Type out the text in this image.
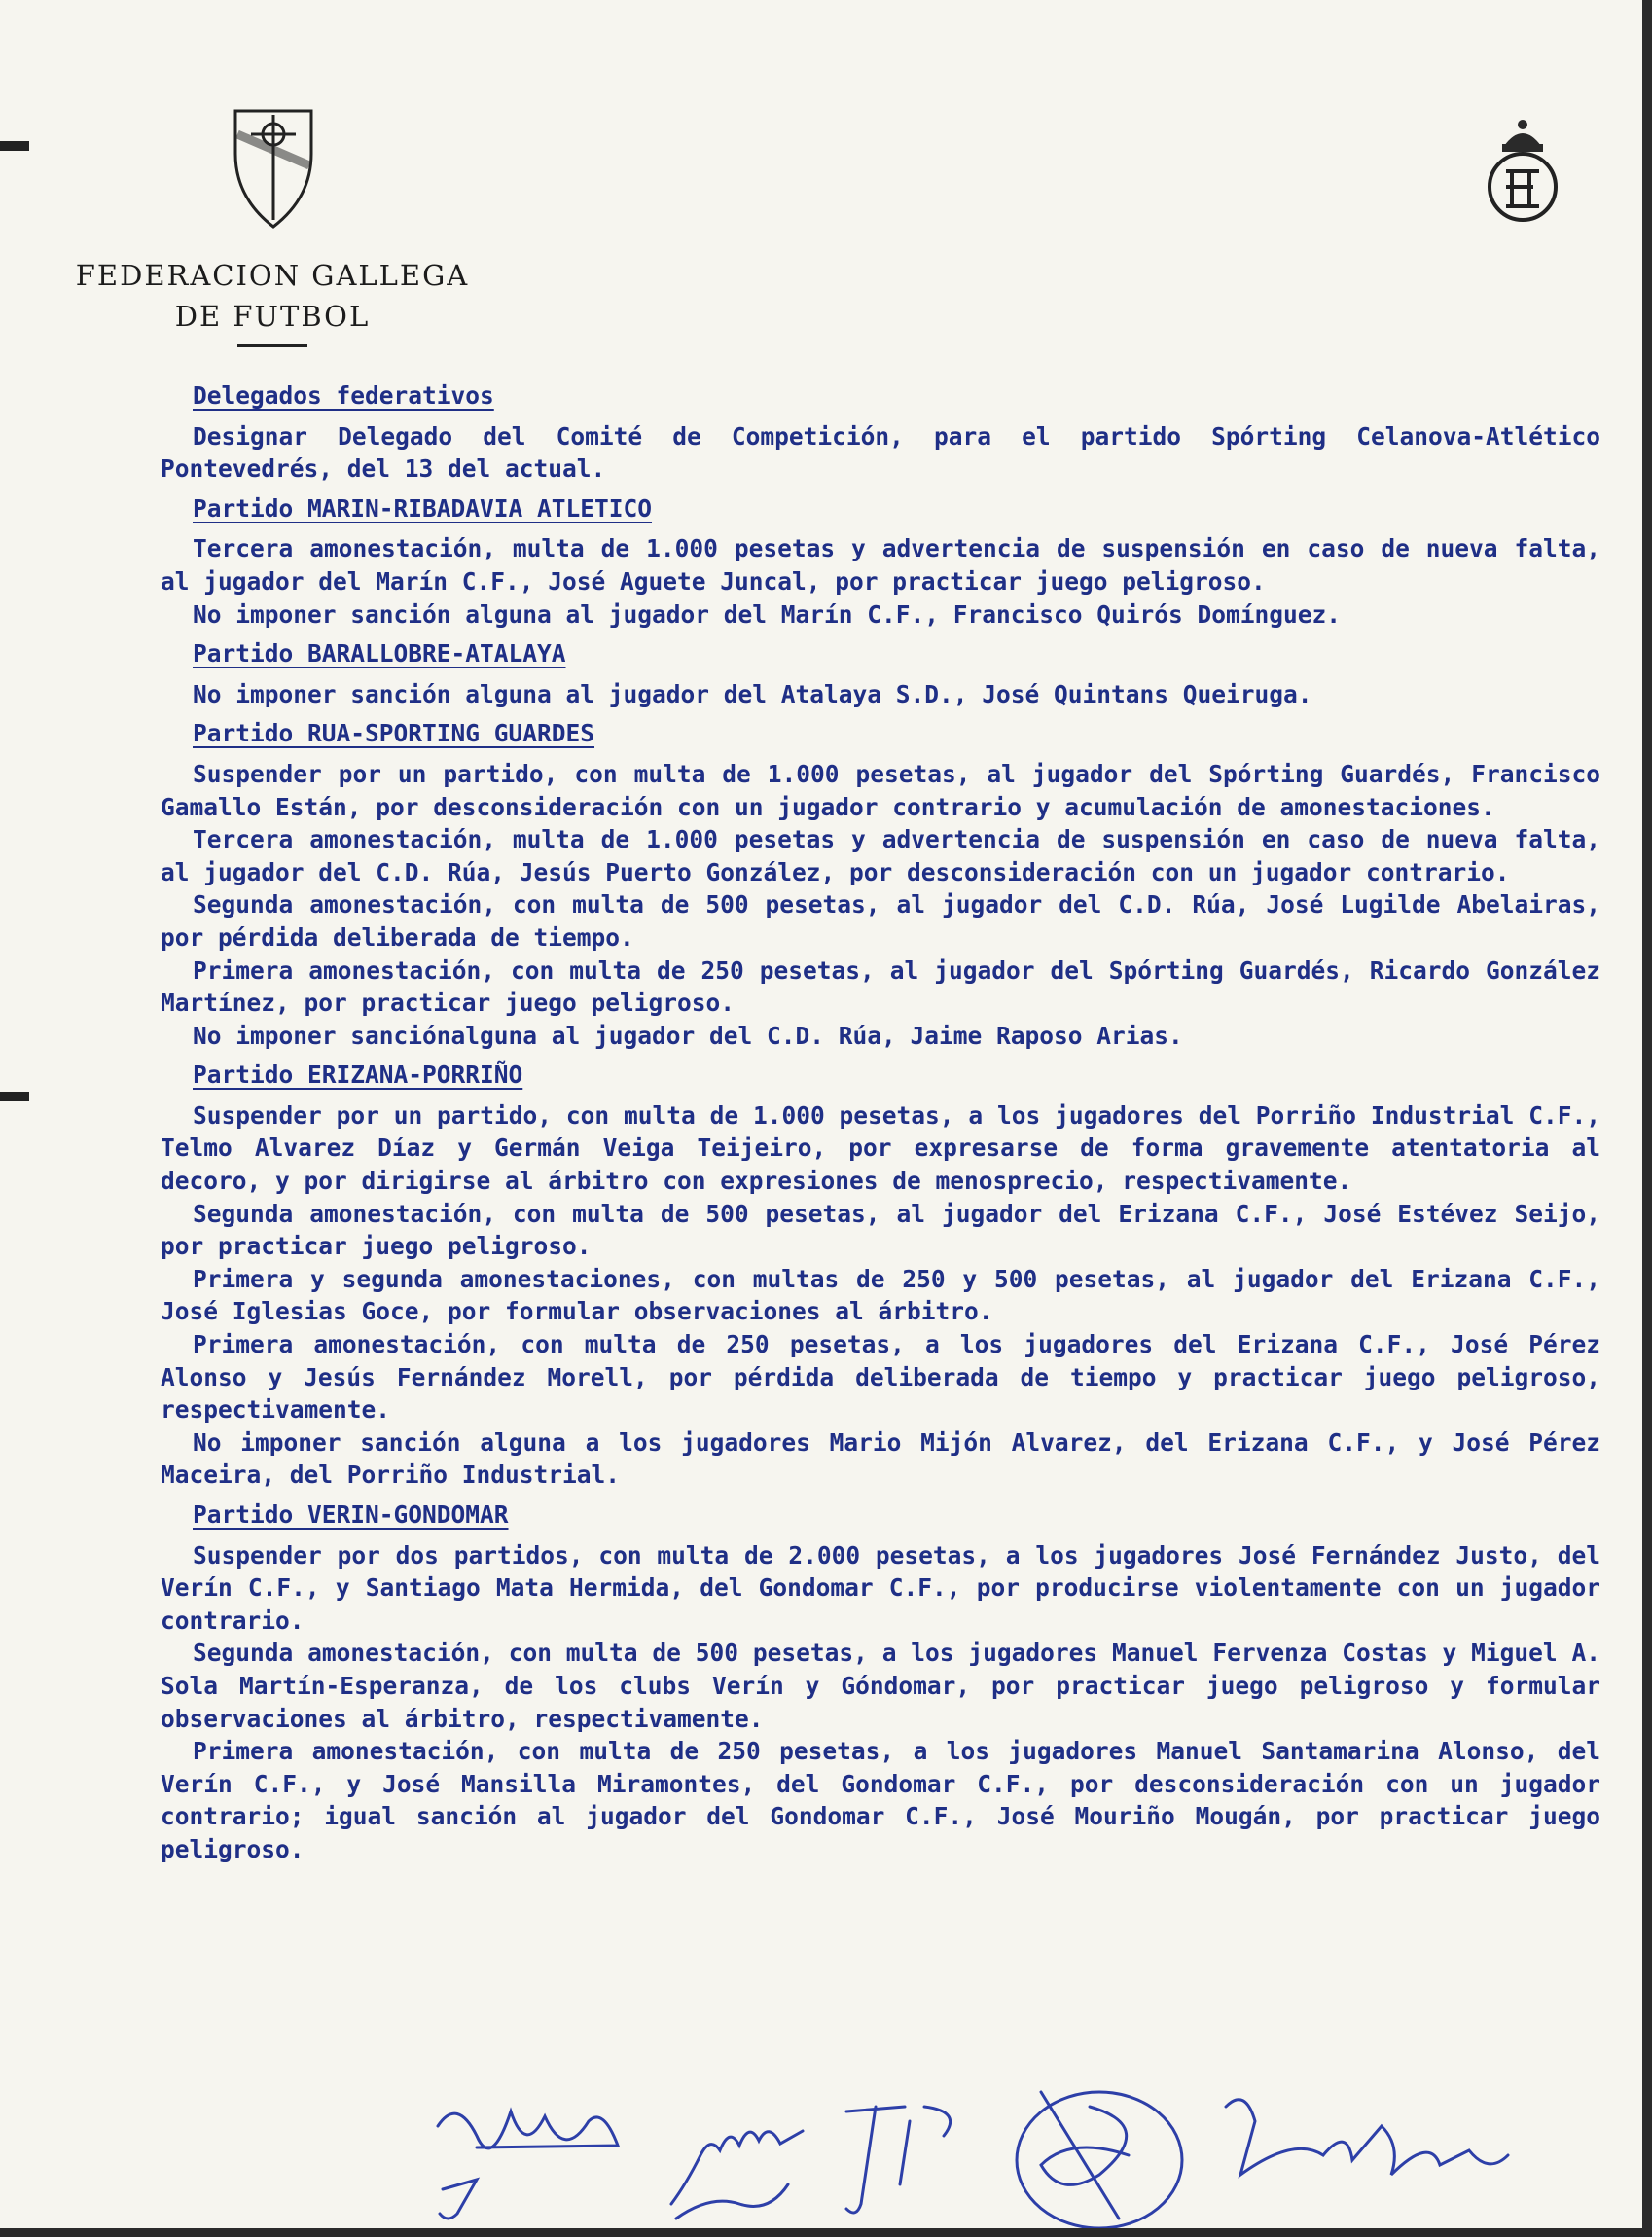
FEDERACION GALLEGA
DE FUTBOL
Delegados federativos
Designar Delegado del Comité de Competición, para el partido Spórting Celanova-Atlético Pontevedrés, del 13 del actual.
Partido MARIN-RIBADAVIA ATLETICO
Tercera amonestación, multa de 1.000 pesetas y advertencia de suspensión en caso de nueva falta, al jugador del Marín C.F., José Aguete Juncal, por practicar juego peligroso.
No imponer sanción alguna al jugador del Marín C.F., Francisco Quirós Domínguez.
Partido BARALLOBRE-ATALAYA
No imponer sanción alguna al jugador del Atalaya S.D., José Quintans Queiruga.
Partido RUA-SPORTING GUARDES
Suspender por un partido, con multa de 1.000 pesetas, al jugador del Spórting Guardés, Francisco Gamallo Están, por desconsideración con un jugador contrario y acumulación de amonestaciones.
Tercera amonestación, multa de 1.000 pesetas y advertencia de suspensión en caso de nueva falta, al jugador del C.D. Rúa, Jesús Puerto González, por desconsideración con un jugador contrario.
Segunda amonestación, con multa de 500 pesetas, al jugador del C.D. Rúa, José Lugilde Abelairas, por pérdida deliberada de tiempo.
Primera amonestación, con multa de 250 pesetas, al jugador del Spórting Guardés, Ricardo González Martínez, por practicar juego peligroso.
No imponer sanciónalguna al jugador del C.D. Rúa, Jaime Raposo Arias.
Partido ERIZANA-PORRIÑO
Suspender por un partido, con multa de 1.000 pesetas, a los jugadores del Porriño Industrial C.F., Telmo Alvarez Díaz y Germán Veiga Teijeiro, por expresarse de forma gravemente atentatoria al decoro, y por dirigirse al árbitro con expresiones de menosprecio, respectivamente.
Segunda amonestación, con multa de 500 pesetas, al jugador del Erizana C.F., José Estévez Seijo, por practicar juego peligroso.
Primera y segunda amonestaciones, con multas de 250 y 500 pesetas, al jugador del Erizana C.F., José Iglesias Goce, por formular observaciones al árbitro.
Primera amonestación, con multa de 250 pesetas, a los jugadores del Erizana C.F., José Pérez Alonso y Jesús Fernández Morell, por pérdida deliberada de tiempo y practicar juego peligroso, respectivamente.
No imponer sanción alguna a los jugadores Mario Mijón Alvarez, del Erizana C.F., y José Pérez Maceira, del Porriño Industrial.
Partido VERIN-GONDOMAR
Suspender por dos partidos, con multa de 2.000 pesetas, a los jugadores José Fernández Justo, del Verín C.F., y Santiago Mata Hermida, del Gondomar C.F., por producirse violentamente con un jugador contrario.
Segunda amonestación, con multa de 500 pesetas, a los jugadores Manuel Fervenza Costas y Miguel A. Sola Martín-Esperanza, de los clubs Verín y Góndomar, por practicar juego peligroso y formular observaciones al árbitro, respectivamente.
Primera amonestación, con multa de 250 pesetas, a los jugadores Manuel Santamarina Alonso, del Verín C.F., y José Mansilla Miramontes, del Gondomar C.F., por desconsideración con un jugador contrario; igual sanción al jugador del Gondomar C.F., José Mouriño Mougán, por practicar juego peligroso.
